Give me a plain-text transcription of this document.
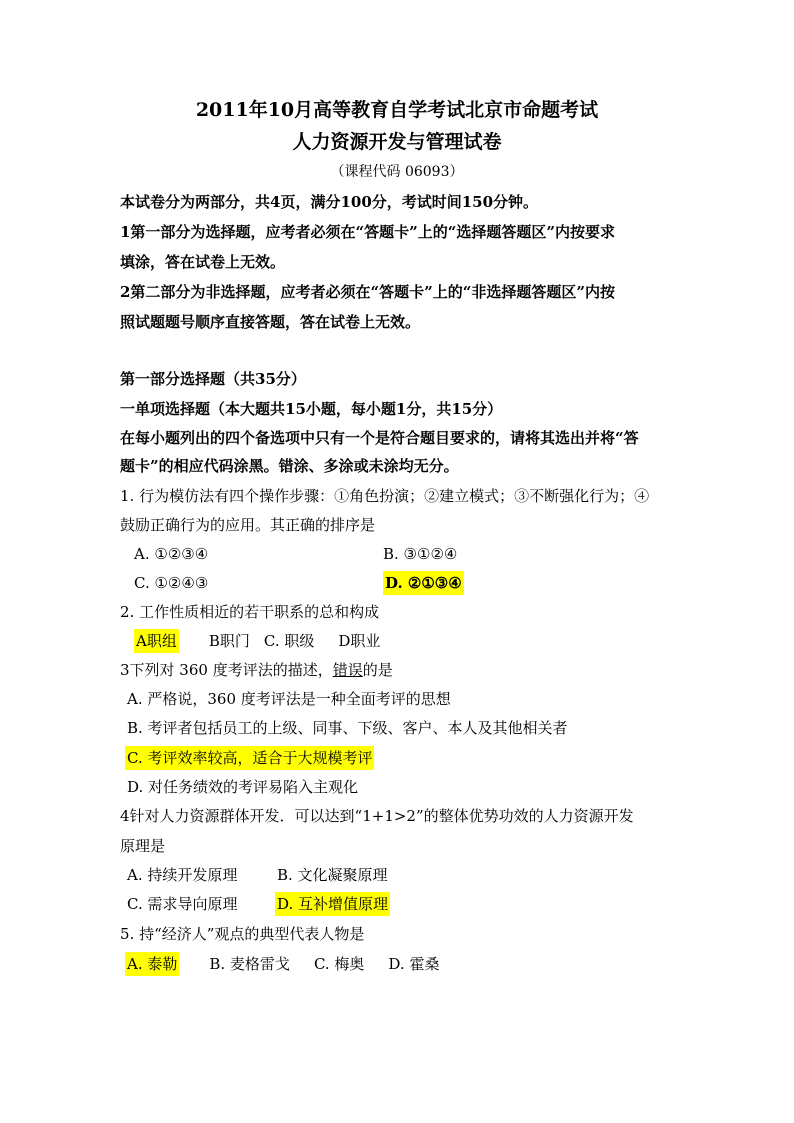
2011年10月高等教育自学考试北京市命题考试
人力资源开发与管理试卷
（课程代码 06093）
本试卷分为两部分，共4页，满分100分，考试时间150分钟。
1第一部分为选择题，应考者必须在“答题卡”上的“选择题答题区”内按要求
填涂，答在试卷上无效。
2第二部分为非选择题，应考者必须在“答题卡”上的“非选择题答题区”内按
照试题题号顺序直接答题，答在试卷上无效。
第一部分选择题（共35分）
一单项选择题（本大题共15小题，每小题1分，共15分）
在每小题列出的四个备选项中只有一个是符合题目要求的，请将其选出并将“答
题卡”的相应代码涂黑。错涂、多涂或未涂均无分。
1. 行为模仿法有四个操作步骤：①角色扮演；②建立模式；③不断强化行为；④
鼓励正确行为的应用。其正确的排序是
A. ①②③④	B. ③①②④
C. ①②④③	D. ②①③④
2. 工作性质相近的若干职系的总和构成
A职组 B职门 C. 职级 D职业
3下列对 360 度考评法的描述，错误的是
A. 严格说，360 度考评法是一种全面考评的思想
B. 考评者包括员工的上级、同事、下级、客户、本人及其他相关者
C. 考评效率较高，适合于大规模考评
D. 对任务绩效的考评易陷入主观化
4针对人力资源群体开发．可以达到“1+1>2”的整体优势功效的人力资源开发
原理是
A. 持续开发原理	B. 文化凝聚原理
C. 需求导向原理	D. 互补增值原理
5. 持“经济人”观点的典型代表人物是
A. 泰勒 B. 麦格雷戈 C. 梅奥 D. 霍桑
